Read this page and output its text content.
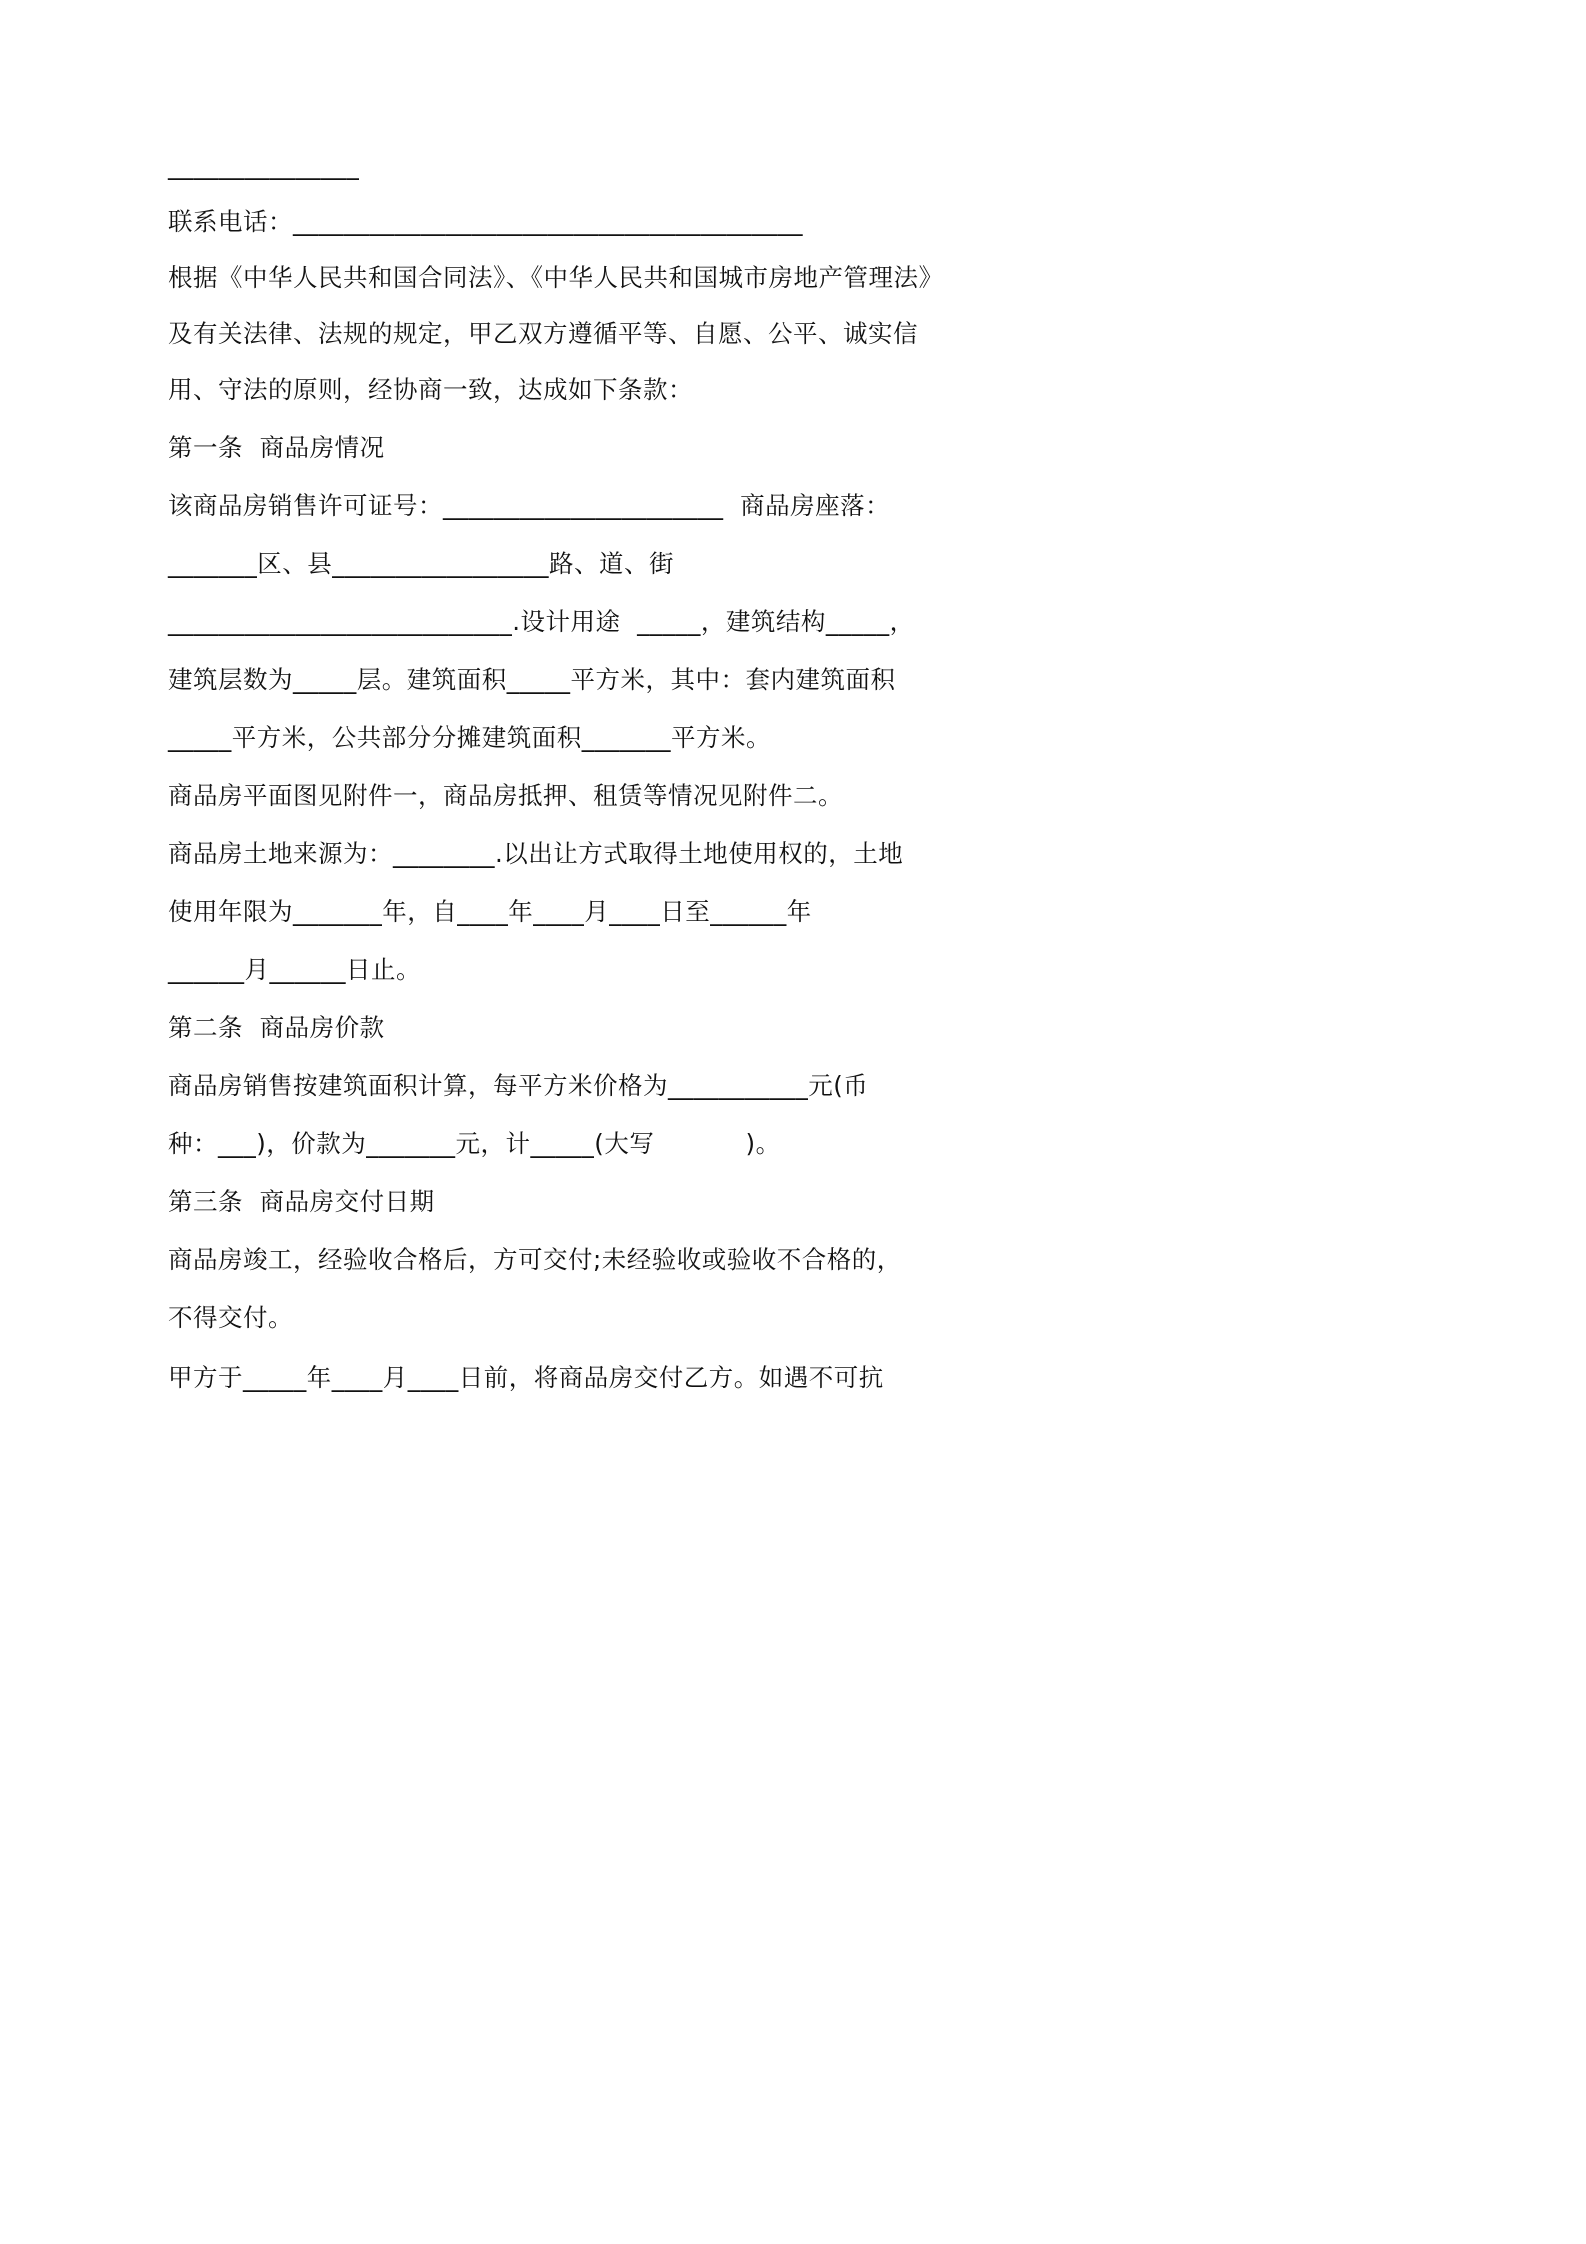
_______________
联系电话：________________________________________
根据《中华人民共和国合同法》、《中华人民共和国城市房地产管理法》
及有关法律、法规的规定，甲乙双方遵循平等、自愿、公平、诚实信
用、守法的原则，经协商一致，达成如下条款：
第一条  商品房情况
该商品房销售许可证号：______________________  商品房座落：
_______区、县_________________路、道、街
___________________________.设计用途  _____，建筑结构_____，
建筑层数为_____层。建筑面积_____平方米，其中：套内建筑面积
_____平方米，公共部分分摊建筑面积_______平方米。
商品房平面图见附件一，商品房抵押、租赁等情况见附件二。
商品房土地来源为：________.以出让方式取得土地使用权的，土地
使用年限为_______年，自____年____月____日至______年
______月______日止。
第二条  商品房价款
商品房销售按建筑面积计算，每平方米价格为___________元(币
种：___)，价款为_______元，计_____(大写           )。
第三条  商品房交付日期
商品房竣工，经验收合格后，方可交付;未经验收或验收不合格的，
不得交付。
甲方于_____年____月____日前，将商品房交付乙方。如遇不可抗
